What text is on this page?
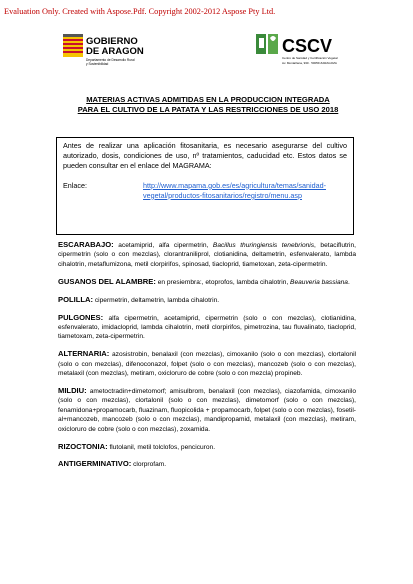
Evaluation Only. Created with Aspose.Pdf. Copyright 2002-2012 Aspose Pty Ltd.
GOBIERNO
DE ARAGON
Departamento de Desarrollo Rural
y Sostenibilidad
CSCV
Centro de Sanidad y Certificación Vegetal
Av. Montañana, 930 · 50059 ZARAGOZA
MATERIAS ACTIVAS ADMITIDAS EN LA PRODUCCION INTEGRADA
PARA EL CULTIVO DE LA PATATA Y LAS RESTRICCIONES DE USO 2018
Antes de realizar una aplicación fitosanitaria, es necesario asegurarse del cultivo autorizado, dosis, condiciones de uso, nº tratamientos, caducidad etc. Estos datos se pueden consultar en el enlace del MAGRAMA:
Enlace:	http://www.mapama.gob.es/es/agricultura/temas/sanidad-vegetal/productos-fitosanitarios/registro/menu.asp
ESCARABAJO: acetamiprid, alfa cipermetrin, Bacillus thuringiensis tenebrionis, betaciflutrin, cipermetrin (solo o con mezclas), clorantraniliprol, clotianidina, deltametrin, esfenvalerato, lambda cihalotrin, metaflumizona, metil clorpirifos, spinosad, tiacloprid, tiametoxan, zeta-cipermetrin.
GUSANOS DEL ALAMBRE: en presiembra:, etoprofos, lambda cihalotrin, Beauveria bassiana.
POLILLA: cipermetrin, deltametrin, lambda cihalotrin.
PULGONES: alfa cipermetrin, acetamiprid, cipermetrin (solo o con mezclas), clotianidina, esfenvalerato, imidacloprid, lambda cihalotrin, metil clorpirifos, pimetrozina, tau fluvalinato, tiacloprid, tiametoxam, zeta-cipermetrin.
ALTERNARIA: azosistrobin, benalaxil (con mezclas), cimoxanilo (solo o con mezclas), clortalonil (solo o con mezclas), difenoconazol, folpet (solo o con mezclas), mancozeb (solo o con mezclas), metalaxil (con mezclas), metiram, oxicloruro de cobre (solo o con mezcla) propineb.
MILDIU: ametoctradin+dimetomorf; amisulbrom, benalaxil (con mezclas), ciazofamida, cimoxanilo (solo o con mezclas), clortalonil (solo o con mezclas), dimetomorf (solo o con mezclas), fenamidona+propamocarb, fluazinam, fluopicolida + propamocarb, folpet (solo o con mezclas), fosetil-al+mancozeb, mancozeb (solo o con mezclas), mandipropamid, metalaxil (con mezclas), metiram, oxicloruro de cobre (solo o con mezclas), zoxamida.
RIZOCTONIA: flutolanil, metil tolclofos, pencicuron.
ANTIGERMINATIVO: clorprofam.
